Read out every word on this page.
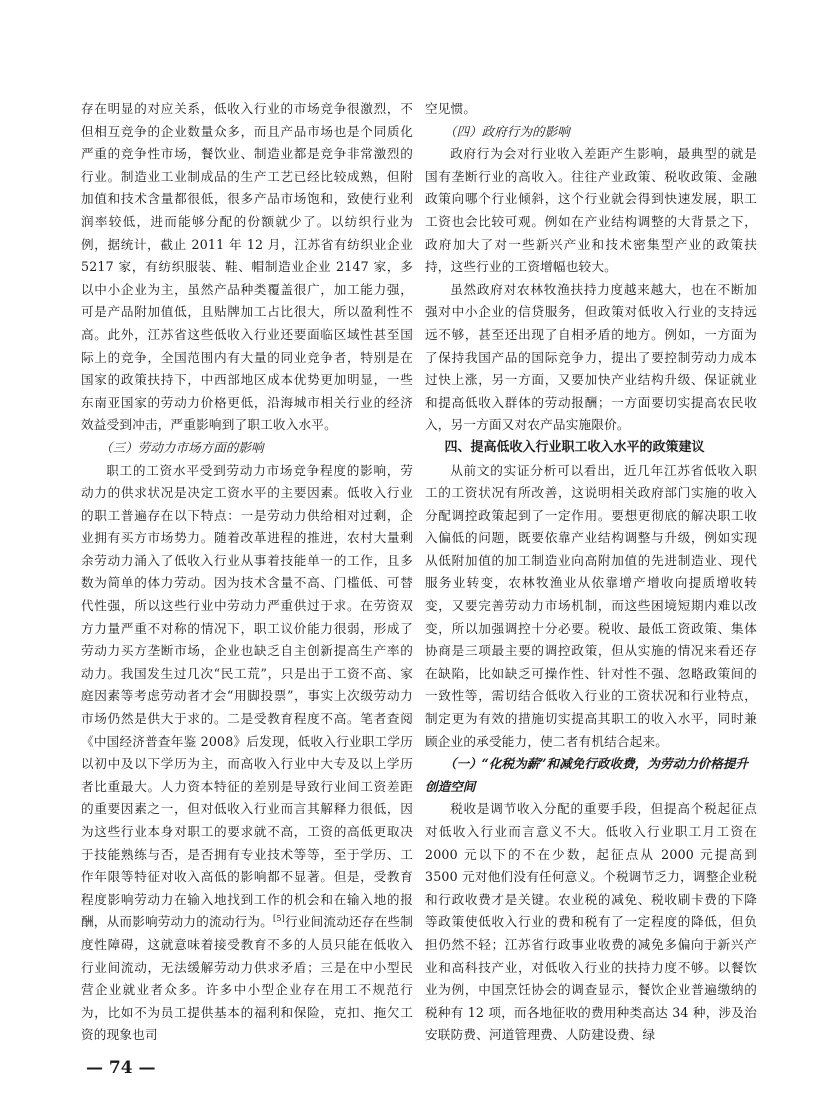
存在明显的对应关系，低收入行业的市场竞争很激烈，不但相互竞争的企业数量众多，而且产品市场也是个同质化严重的竞争性市场，餐饮业、制造业都是竞争非常激烈的行业。制造业工业制成品的生产工艺已经比较成熟，但附加值和技术含量都很低，很多产品市场饱和，致使行业利润率较低，进而能够分配的份额就少了。以纺织行业为例，据统计，截止 2011 年 12 月，江苏省有纺织业企业 5217 家，有纺织服装、鞋、帽制造业企业 2147 家，多以中小企业为主，虽然产品种类覆盖很广，加工能力强，可是产品附加值低，且贴牌加工占比很大，所以盈利性不高。此外，江苏省这些低收入行业还要面临区域性甚至国际上的竞争，全国范围内有大量的同业竞争者，特别是在国家的政策扶持下，中西部地区成本优势更加明显，一些东南亚国家的劳动力价格更低，沿海城市相关行业的经济效益受到冲击，严重影响到了职工收入水平。

（三）劳动力市场方面的影响

职工的工资水平受到劳动力市场竞争程度的影响，劳动力的供求状况是决定工资水平的主要因素。低收入行业的职工普遍存在以下特点：一是劳动力供给相对过剩，企业拥有买方市场势力。随着改革进程的推进，农村大量剩余劳动力涌入了低收入行业从事着技能单一的工作，且多数为简单的体力劳动。因为技术含量不高、门槛低、可替代性强，所以这些行业中劳动力严重供过于求。在劳资双方力量严重不对称的情况下，职工议价能力很弱，形成了劳动力买方垄断市场，企业也缺乏自主创新提高生产率的动力。我国发生过几次“民工荒”，只是出于工资不高、家庭因素等考虑劳动者才会“用脚投票”，事实上次级劳动力市场仍然是供大于求的。二是受教育程度不高。笔者查阅《中国经济普查年鉴 2008》后发现，低收入行业职工学历以初中及以下学历为主，而高收入行业中大专及以上学历者比重最大。人力资本特征的差别是导致行业间工资差距的重要因素之一，但对低收入行业而言其解释力很低，因为这些行业本身对职工的要求就不高，工资的高低更取决于技能熟练与否，是否拥有专业技术等等，至于学历、工作年限等特征对收入高低的影响都不显著。但是，受教育程度影响劳动力在输入地找到工作的机会和在输入地的报酬，从而影响劳动力的流动行为。[5]行业间流动还存在些制度性障碍，这就意味着接受教育不多的人员只能在低收入行业间流动，无法缓解劳动力供求矛盾；三是在中小型民营企业就业者众多。许多中小型企业存在用工不规范行为，比如不为员工提供基本的福利和保险，克扣、拖欠工资的现象也司

空见惯。

（四）政府行为的影响

政府行为会对行业收入差距产生影响，最典型的就是国有垄断行业的高收入。往往产业政策、税收政策、金融政策向哪个行业倾斜，这个行业就会得到快速发展，职工工资也会比较可观。例如在产业结构调整的大背景之下，政府加大了对一些新兴产业和技术密集型产业的政策扶持，这些行业的工资增幅也较大。

虽然政府对农林牧渔扶持力度越来越大，也在不断加强对中小企业的信贷服务，但政策对低收入行业的支持远远不够，甚至还出现了自相矛盾的地方。例如，一方面为了保持我国产品的国际竞争力，提出了要控制劳动力成本过快上涨，另一方面，又要加快产业结构升级、保证就业和提高低收入群体的劳动报酬；一方面要切实提高农民收入，另一方面又对农产品实施限价。

四、提高低收入行业职工收入水平的政策建议

从前文的实证分析可以看出，近几年江苏省低收入职工的工资状况有所改善，这说明相关政府部门实施的收入分配调控政策起到了一定作用。要想更彻底的解决职工收入偏低的问题，既要依靠产业结构调整与升级，例如实现从低附加值的加工制造业向高附加值的先进制造业、现代服务业转变，农林牧渔业从依靠增产增收向提质增收转变，又要完善劳动力市场机制，而这些困境短期内难以改变，所以加强调控十分必要。税收、最低工资政策、集体协商是三项最主要的调控政策，但从实施的情况来看还存在缺陷，比如缺乏可操作性、针对性不强、忽略政策间的一致性等，需切结合低收入行业的工资状况和行业特点，制定更为有效的措施切实提高其职工的收入水平，同时兼顾企业的承受能力，使二者有机结合起来。

（一）“化税为薪”和减免行政收费，为劳动力价格提升创造空间

税收是调节收入分配的重要手段，但提高个税起征点对低收入行业而言意义不大。低收入行业职工月工资在 2000 元以下的不在少数，起征点从 2000 元提高到 3500 元对他们没有任何意义。个税调节乏力，调整企业税和行政收费才是关键。农业税的减免、税收刷卡费的下降等政策使低收入行业的费和税有了一定程度的降低，但负担仍然不轻；江苏省行政事业收费的减免多偏向于新兴产业和高科技产业，对低收入行业的扶持力度不够。以餐饮业为例，中国烹饪协会的调查显示，餐饮企业普遍缴纳的税种有 12 项，而各地征收的费用种类高达 34 种，涉及治安联防费、河道管理费、人防建设费、绿

— 74 —
